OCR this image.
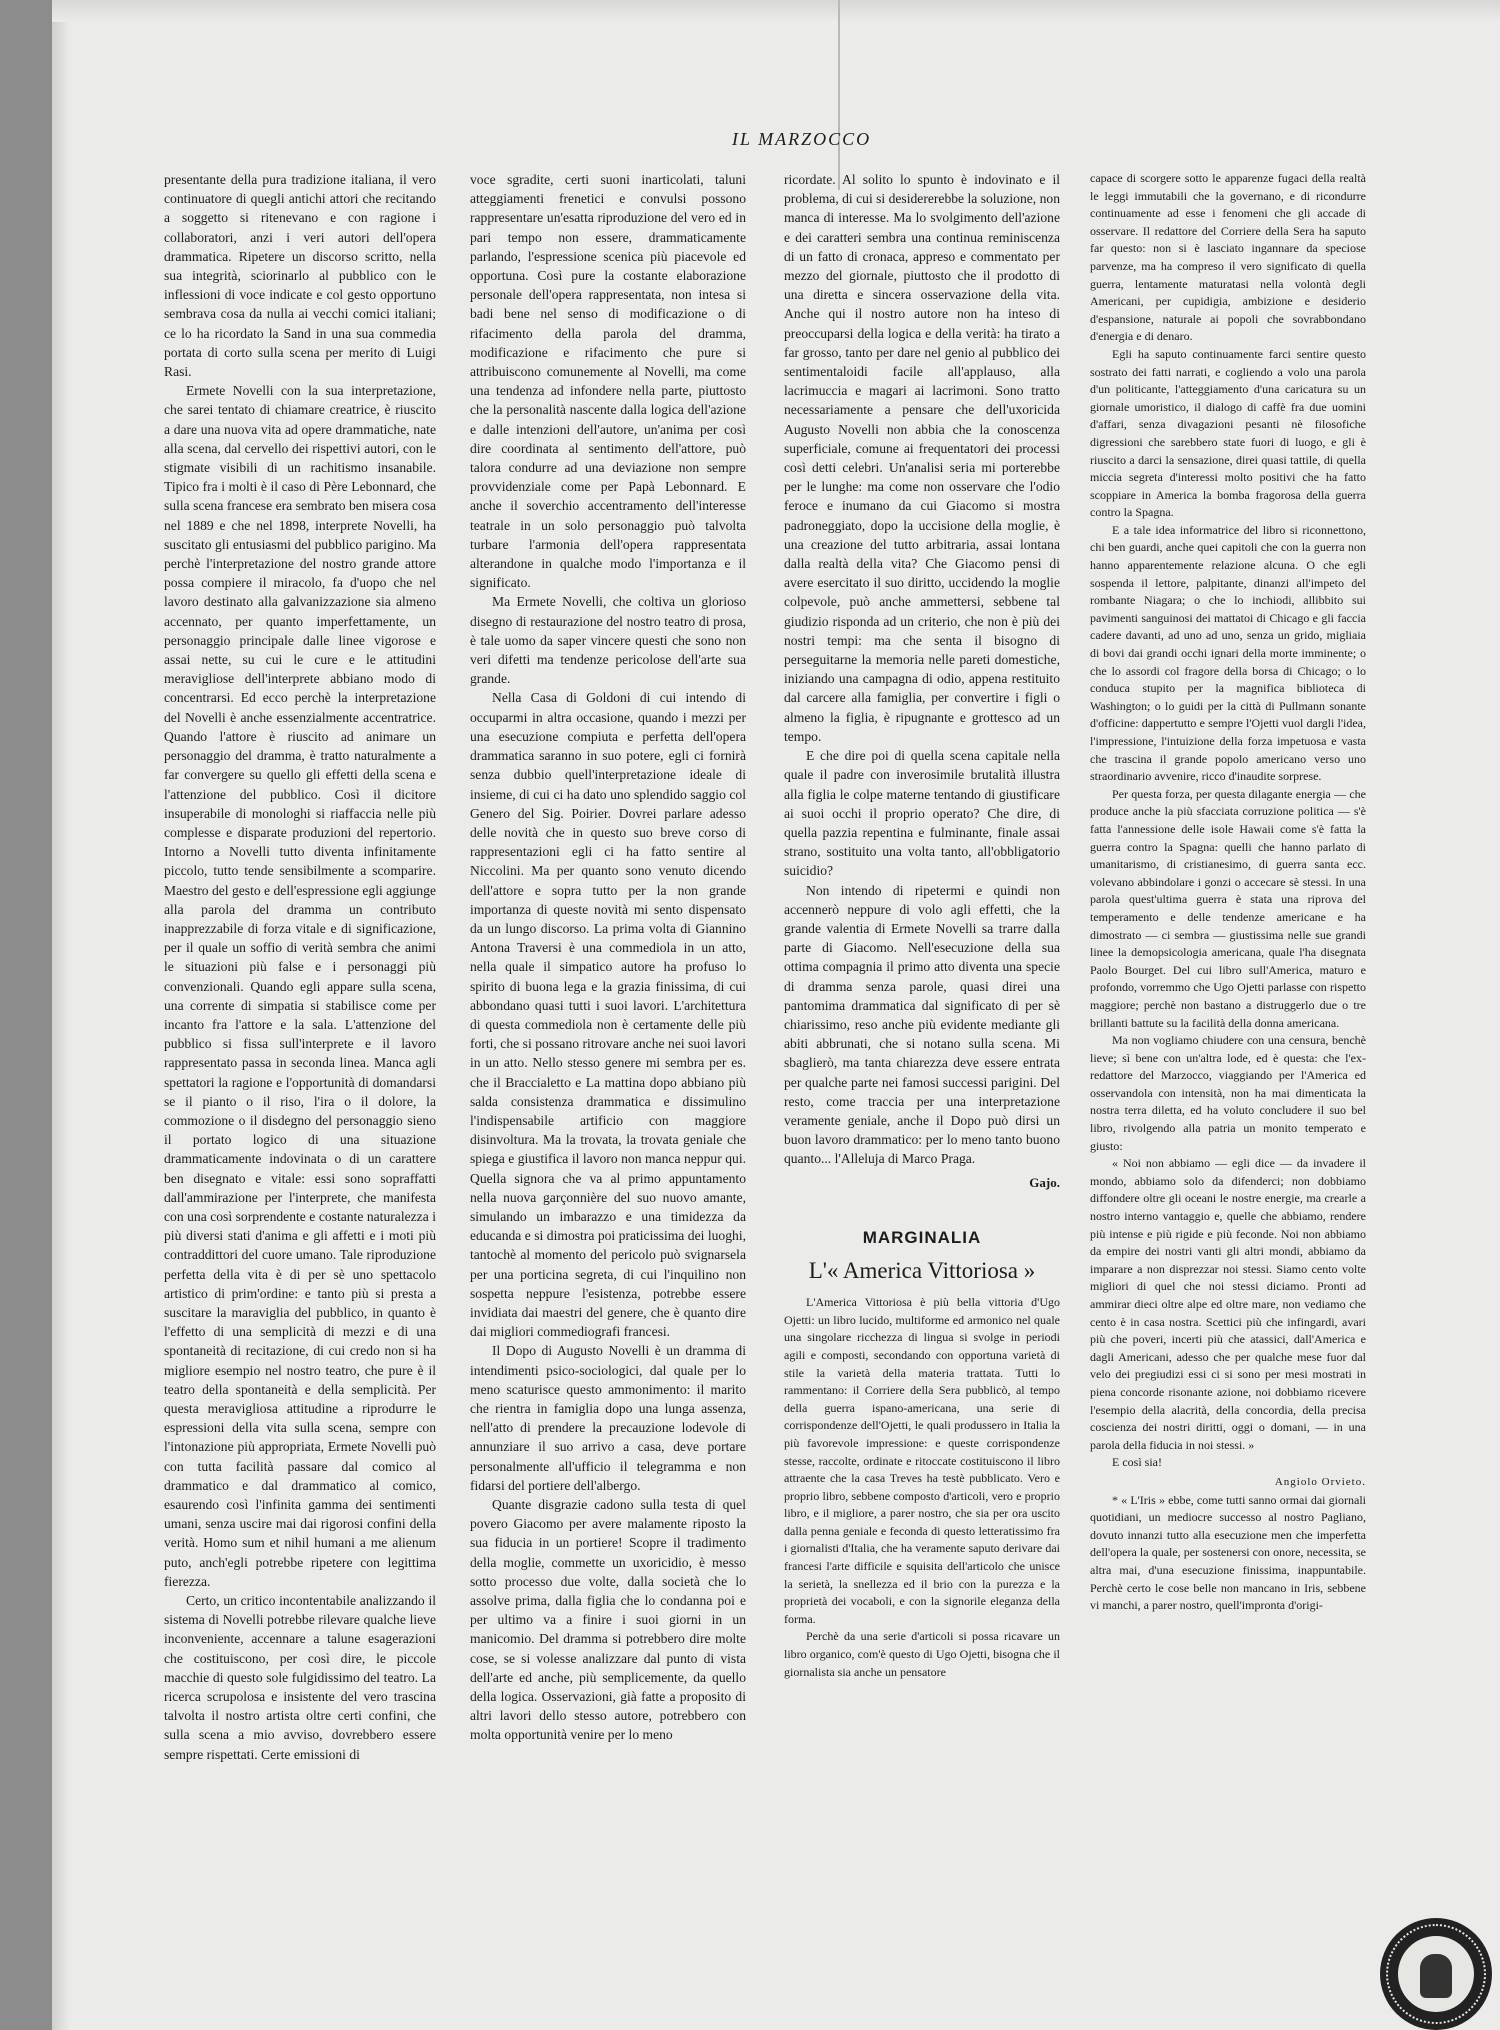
IL MARZOCCO

presentante della pura tradizione italiana, il vero continuatore di quegli antichi attori che recitando a soggetto si ritenevano e con ragione i collaboratori, anzi i veri autori dell'opera drammatica. Ripetere un discorso scritto, nella sua integrità, sciorinarlo al pubblico con le inflessioni di voce indicate e col gesto opportuno sembrava cosa da nulla ai vecchi comici italiani; ce lo ha ricordato la Sand in una sua commedia portata di corto sulla scena per merito di Luigi Rasi.

Ermete Novelli con la sua interpretazione, che sarei tentato di chiamare creatrice, è riuscito a dare una nuova vita ad opere drammatiche, nate alla scena, dal cervello dei rispettivi autori, con le stigmate visibili di un rachitismo insanabile. Tipico fra i molti è il caso di Père Lebonnard, che sulla scena francese era sembrato ben misera cosa nel 1889 e che nel 1898, interprete Novelli, ha suscitato gli entusiasmi del pubblico parigino. Ma perchè l'interpretazione del nostro grande attore possa compiere il miracolo, fa d'uopo che nel lavoro destinato alla galvanizzazione sia almeno accennato, per quanto imperfettamente, un personaggio principale dalle linee vigorose e assai nette, su cui le cure e le attitudini meravigliose dell'interprete abbiano modo di concentrarsi. Ed ecco perchè la interpretazione del Novelli è anche essenzialmente accentratrice. Quando l'attore è riuscito ad animare un personaggio del dramma, è tratto naturalmente a far convergere su quello gli effetti della scena e l'attenzione del pubblico. Così il dicitore insuperabile di monologhi si riaffaccia nelle più complesse e disparate produzioni del repertorio. Intorno a Novelli tutto diventa infinitamente piccolo, tutto tende sensibilmente a scomparire. Maestro del gesto e dell'espressione egli aggiunge alla parola del dramma un contributo inapprezzabile di forza vitale e di significazione, per il quale un soffio di verità sembra che animi le situazioni più false e i personaggi più convenzionali. Quando egli appare sulla scena, una corrente di simpatia si stabilisce come per incanto fra l'attore e la sala. L'attenzione del pubblico si fissa sull'interprete e il lavoro rappresentato passa in seconda linea. Manca agli spettatori la ragione e l'opportunità di domandarsi se il pianto o il riso, l'ira o il dolore, la commozione o il disdegno del personaggio sieno il portato logico di una situazione drammaticamente indovinata o di un carattere ben disegnato e vitale: essi sono sopraffatti dall'ammirazione per l'interprete, che manifesta con una così sorprendente e costante naturalezza i più diversi stati d'anima e gli affetti e i moti più contraddittori del cuore umano. Tale riproduzione perfetta della vita è di per sè uno spettacolo artistico di prim'ordine: e tanto più si presta a suscitare la maraviglia del pubblico, in quanto è l'effetto di una semplicità di mezzi e di una spontaneità di recitazione, di cui credo non si ha migliore esempio nel nostro teatro, che pure è il teatro della spontaneità e della semplicità. Per questa meravigliosa attitudine a riprodurre le espressioni della vita sulla scena, sempre con l'intonazione più appropriata, Ermete Novelli può con tutta facilità passare dal comico al drammatico e dal drammatico al comico, esaurendo così l'infinita gamma dei sentimenti umani, senza uscire mai dai rigorosi confini della verità. Homo sum et nihil humani a me alienum puto, anch'egli potrebbe ripetere con legittima fierezza.

Certo, un critico incontentabile analizzando il sistema di Novelli potrebbe rilevare qualche lieve inconveniente, accennare a talune esagerazioni che costituiscono, per così dire, le piccole macchie di questo sole fulgidissimo del teatro. La ricerca scrupolosa e insistente del vero trascina talvolta il nostro artista oltre certi confini, che sulla scena a mio avviso, dovrebbero essere sempre rispettati. Certe emissioni di

voce sgradite, certi suoni inarticolati, taluni atteggiamenti frenetici e convulsi possono rappresentare un'esatta riproduzione del vero ed in pari tempo non essere, drammaticamente parlando, l'espressione scenica più piacevole ed opportuna. Così pure la costante elaborazione personale dell'opera rappresentata, non intesa si badi bene nel senso di modificazione o di rifacimento della parola del dramma, modificazione e rifacimento che pure si attribuiscono comunemente al Novelli, ma come una tendenza ad infondere nella parte, piuttosto che la personalità nascente dalla logica dell'azione e dalle intenzioni dell'autore, un'anima per così dire coordinata al sentimento dell'attore, può talora condurre ad una deviazione non sempre provvidenziale come per Papà Lebonnard. E anche il soverchio accentramento dell'interesse teatrale in un solo personaggio può talvolta turbare l'armonia dell'opera rappresentata alterandone in qualche modo l'importanza e il significato.

Ma Ermete Novelli, che coltiva un glorioso disegno di restaurazione del nostro teatro di prosa, è tale uomo da saper vincere questi che sono non veri difetti ma tendenze pericolose dell'arte sua grande.

Nella Casa di Goldoni di cui intendo di occuparmi in altra occasione, quando i mezzi per una esecuzione compiuta e perfetta dell'opera drammatica saranno in suo potere, egli ci fornirà senza dubbio quell'interpretazione ideale di insieme, di cui ci ha dato uno splendido saggio col Genero del Sig. Poirier. Dovrei parlare adesso delle novità che in questo suo breve corso di rappresentazioni egli ci ha fatto sentire al Niccolini. Ma per quanto sono venuto dicendo dell'attore e sopra tutto per la non grande importanza di queste novità mi sento dispensato da un lungo discorso. La prima volta di Giannino Antona Traversi è una commediola in un atto, nella quale il simpatico autore ha profuso lo spirito di buona lega e la grazia finissima, di cui abbondano quasi tutti i suoi lavori. L'architettura di questa commediola non è certamente delle più forti, che si possano ritrovare anche nei suoi lavori in un atto. Nello stesso genere mi sembra per es. che il Braccialetto e La mattina dopo abbiano più salda consistenza drammatica e dissimulino l'indispensabile artificio con maggiore disinvoltura. Ma la trovata, la trovata geniale che spiega e giustifica il lavoro non manca neppur qui. Quella signora che va al primo appuntamento nella nuova garçonnière del suo nuovo amante, simulando un imbarazzo e una timidezza da educanda e si dimostra poi praticissima dei luoghi, tantochè al momento del pericolo può svignarsela per una porticina segreta, di cui l'inquilino non sospetta neppure l'esistenza, potrebbe essere invidiata dai maestri del genere, che è quanto dire dai migliori commediografi francesi.

Il Dopo di Augusto Novelli è un dramma di intendimenti psico-sociologici, dal quale per lo meno scaturisce questo ammonimento: il marito che rientra in famiglia dopo una lunga assenza, nell'atto di prendere la precauzione lodevole di annunziare il suo arrivo a casa, deve portare personalmente all'ufficio il telegramma e non fidarsi del portiere dell'albergo.

Quante disgrazie cadono sulla testa di quel povero Giacomo per avere malamente riposto la sua fiducia in un portiere! Scopre il tradimento della moglie, commette un uxoricidio, è messo sotto processo due volte, dalla società che lo assolve prima, dalla figlia che lo condanna poi e per ultimo va a finire i suoi giorni in un manicomio. Del dramma si potrebbero dire molte cose, se si volesse analizzare dal punto di vista dell'arte ed anche, più semplicemente, da quello della logica. Osservazioni, già fatte a proposito di altri lavori dello stesso autore, potrebbero con molta opportunità venire per lo meno

ricordate. Al solito lo spunto è indovinato e il problema, di cui si desidererebbe la soluzione, non manca di interesse. Ma lo svolgimento dell'azione e dei caratteri sembra una continua reminiscenza di un fatto di cronaca, appreso e commentato per mezzo del giornale, piuttosto che il prodotto di una diretta e sincera osservazione della vita. Anche qui il nostro autore non ha inteso di preoccuparsi della logica e della verità: ha tirato a far grosso, tanto per dare nel genio al pubblico dei sentimentaloidi facile all'applauso, alla lacrimuccia e magari ai lacrimoni. Sono tratto necessariamente a pensare che dell'uxoricida Augusto Novelli non abbia che la conoscenza superficiale, comune ai frequentatori dei processi così detti celebri. Un'analisi seria mi porterebbe per le lunghe: ma come non osservare che l'odio feroce e inumano da cui Giacomo si mostra padroneggiato, dopo la uccisione della moglie, è una creazione del tutto arbitraria, assai lontana dalla realtà della vita? Che Giacomo pensi di avere esercitato il suo diritto, uccidendo la moglie colpevole, può anche ammettersi, sebbene tal giudizio risponda ad un criterio, che non è più dei nostri tempi: ma che senta il bisogno di perseguitarne la memoria nelle pareti domestiche, iniziando una campagna di odio, appena restituito dal carcere alla famiglia, per convertire i figli o almeno la figlia, è ripugnante e grottesco ad un tempo.

E che dire poi di quella scena capitale nella quale il padre con inverosimile brutalità illustra alla figlia le colpe materne tentando di giustificare ai suoi occhi il proprio operato? Che dire, di quella pazzia repentina e fulminante, finale assai strano, sostituito una volta tanto, all'obbligatorio suicidio?

Non intendo di ripetermi e quindi non accennerò neppure di volo agli effetti, che la grande valentia di Ermete Novelli sa trarre dalla parte di Giacomo. Nell'esecuzione della sua ottima compagnia il primo atto diventa una specie di dramma senza parole, quasi direi una pantomima drammatica dal significato di per sè chiarissimo, reso anche più evidente mediante gli abiti abbrunati, che si notano sulla scena. Mi sbaglierò, ma tanta chiarezza deve essere entrata per qualche parte nei famosi successi parigini. Del resto, come traccia per una interpretazione veramente geniale, anche il Dopo può dirsi un buon lavoro drammatico: per lo meno tanto buono quanto... l'Alleluja di Marco Praga.

Gajo.
MARGINALIA
L'« America Vittoriosa »

L'America Vittoriosa è più bella vittoria d'Ugo Ojetti: un libro lucido, multiforme ed armonico nel quale una singolare ricchezza di lingua si svolge in periodi agili e composti, secondando con opportuna varietà di stile la varietà della materia trattata. Tutti lo rammentano: il Corriere della Sera pubblicò, al tempo della guerra ispano-americana, una serie di corrispondenze dell'Ojetti, le quali produssero in Italia la più favorevole impressione: e queste corrispondenze stesse, raccolte, ordinate e ritoccate costituiscono il libro attraente che la casa Treves ha testè pubblicato. Vero e proprio libro, sebbene composto d'articoli, vero e proprio libro, e il migliore, a parer nostro, che sia per ora uscito dalla penna geniale e feconda di questo letteratissimo fra i giornalisti d'Italia, che ha veramente saputo derivare dai francesi l'arte difficile e squisita dell'articolo che unisce la serietà, la snellezza ed il brio con la purezza e la proprietà dei vocaboli, e con la signorile eleganza della forma.

Perchè da una serie d'articoli si possa ricavare un libro organico, com'è questo di Ugo Ojetti, bisogna che il giornalista sia anche un pensatore

capace di scorgere sotto le apparenze fugaci della realtà le leggi immutabili che la governano, e di ricondurre continuamente ad esse i fenomeni che gli accade di osservare. Il redattore del Corriere della Sera ha saputo far questo: non si è lasciato ingannare da speciose parvenze, ma ha compreso il vero significato di quella guerra, lentamente maturatasi nella volontà degli Americani, per cupidigia, ambizione e desiderio d'espansione, naturale ai popoli che sovrabbondano d'energia e di denaro.

Egli ha saputo continuamente farci sentire questo sostrato dei fatti narrati, e cogliendo a volo una parola d'un politicante, l'atteggiamento d'una caricatura su un giornale umoristico, il dialogo di caffè fra due uomini d'affari, senza divagazioni pesanti nè filosofiche digressioni che sarebbero state fuori di luogo, e gli è riuscito a darci la sensazione, direi quasi tattile, di quella miccia segreta d'interessi molto positivi che ha fatto scoppiare in America la bomba fragorosa della guerra contro la Spagna.

E a tale idea informatrice del libro si riconnettono, chi ben guardi, anche quei capitoli che con la guerra non hanno apparentemente relazione alcuna. O che egli sospenda il lettore, palpitante, dinanzi all'impeto del rombante Niagara; o che lo inchiodi, allibbito sui pavimenti sanguinosi dei mattatoi di Chicago e gli faccia cadere davanti, ad uno ad uno, senza un grido, migliaia di bovi dai grandi occhi ignari della morte imminente; o che lo assordi col fragore della borsa di Chicago; o lo conduca stupito per la magnifica biblioteca di Washington; o lo guidi per la città di Pullmann sonante d'officine: dappertutto e sempre l'Ojetti vuol dargli l'idea, l'impressione, l'intuizione della forza impetuosa e vasta che trascina il grande popolo americano verso uno straordinario avvenire, ricco d'inaudite sorprese.

Per questa forza, per questa dilagante energia — che produce anche la più sfacciata corruzione politica — s'è fatta l'annessione delle isole Hawaii come s'è fatta la guerra contro la Spagna: quelli che hanno parlato di umanitarismo, di cristianesimo, di guerra santa ecc. volevano abbindolare i gonzi o accecare sè stessi. In una parola quest'ultima guerra è stata una riprova del temperamento e delle tendenze americane e ha dimostrato — ci sembra — giustissima nelle sue grandi linee la demopsicologia americana, quale l'ha disegnata Paolo Bourget. Del cui libro sull'America, maturo e profondo, vorremmo che Ugo Ojetti parlasse con rispetto maggiore; perchè non bastano a distruggerlo due o tre brillanti battute su la facilità della donna americana.

Ma non vogliamo chiudere con una censura, benchè lieve; sì bene con un'altra lode, ed è questa: che l'ex-redattore del Marzocco, viaggiando per l'America ed osservandola con intensità, non ha mai dimenticata la nostra terra diletta, ed ha voluto concludere il suo bel libro, rivolgendo alla patria un monito temperato e giusto:

« Noi non abbiamo — egli dice — da invadere il mondo, abbiamo solo da difenderci; non dobbiamo diffondere oltre gli oceani le nostre energie, ma crearle a nostro interno vantaggio e, quelle che abbiamo, rendere più intense e più rigide e più feconde. Noi non abbiamo da empire dei nostri vanti gli altri mondi, abbiamo da imparare a non disprezzar noi stessi. Siamo cento volte migliori di quel che noi stessi diciamo. Pronti ad ammirar dieci oltre alpe ed oltre mare, non vediamo che cento è in casa nostra. Scettici più che infingardi, avari più che poveri, incerti più che atassici, dall'America e dagli Americani, adesso che per qualche mese fuor dal velo dei pregiudizi essi ci si sono per mesi mostrati in piena concorde risonante azione, noi dobbiamo ricevere l'esempio della alacrità, della concordia, della precisa coscienza dei nostri diritti, oggi o domani, — in una parola della fiducia in noi stessi. »

E così sia!

Angiolo Orvieto.

* « L'Iris » ebbe, come tutti sanno ormai dai giornali quotidiani, un mediocre successo al nostro Pagliano, dovuto innanzi tutto alla esecuzione men che imperfetta dell'opera la quale, per sostenersi con onore, necessita, se altra mai, d'una esecuzione finissima, inappuntabile. Perchè certo le cose belle non mancano in Iris, sebbene vi manchi, a parer nostro, quell'impronta d'origi-
